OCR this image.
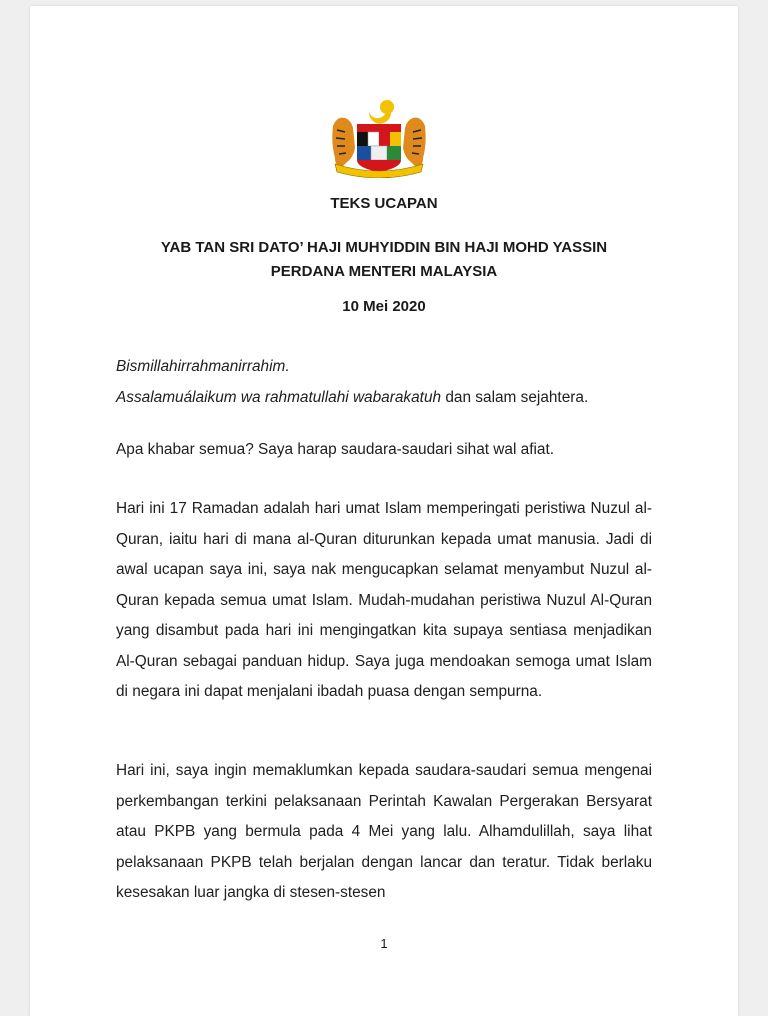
TEKS UCAPAN
YAB TAN SRI DATO’ HAJI MUHYIDDIN BIN HAJI MOHD YASSIN
PERDANA MENTERI MALAYSIA
10 Mei 2020
Bismillahirrahmanirrahim.
Assalamuálaikum wa rahmatullahi wabarakatuh dan salam sejahtera.
Apa khabar semua? Saya harap saudara-saudari sihat wal afiat.
Hari ini 17 Ramadan adalah hari umat Islam memperingati peristiwa Nuzul al-Quran, iaitu hari di mana al-Quran diturunkan kepada umat manusia. Jadi di awal ucapan saya ini, saya nak mengucapkan selamat menyambut Nuzul al-Quran kepada semua umat Islam. Mudah-mudahan peristiwa Nuzul Al-Quran yang disambut pada hari ini mengingatkan kita supaya sentiasa menjadikan Al-Quran sebagai panduan hidup. Saya juga mendoakan semoga umat Islam di negara ini dapat menjalani ibadah puasa dengan sempurna.
Hari ini, saya ingin memaklumkan kepada saudara-saudari semua mengenai perkembangan terkini pelaksanaan Perintah Kawalan Pergerakan Bersyarat atau PKPB yang bermula pada 4 Mei yang lalu. Alhamdulillah, saya lihat pelaksanaan PKPB telah berjalan dengan lancar dan teratur. Tidak berlaku kesesakan luar jangka di stesen-stesen
1
